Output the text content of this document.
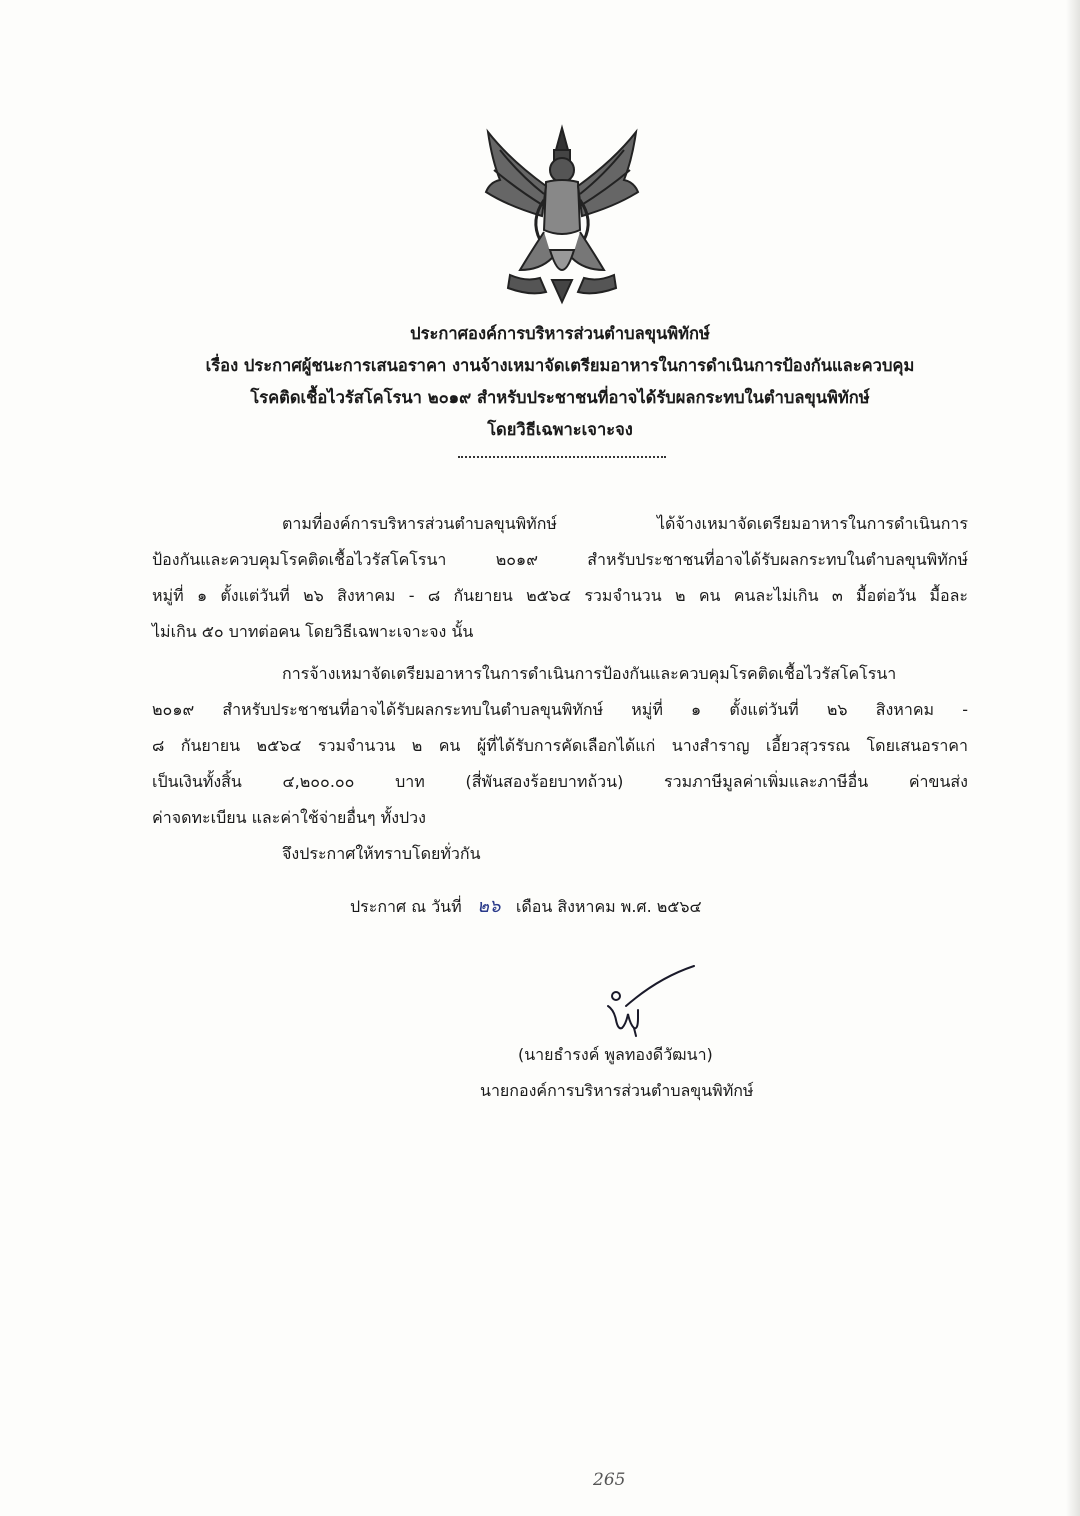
ประกาศองค์การบริหารส่วนตำบลขุนพิทักษ์
เรื่อง ประกาศผู้ชนะการเสนอราคา งานจ้างเหมาจัดเตรียมอาหารในการดำเนินการป้องกันและควบคุม
โรคติดเชื้อไวรัสโคโรนา ๒๐๑๙ สำหรับประชาชนที่อาจได้รับผลกระทบในตำบลขุนพิทักษ์
โดยวิธีเฉพาะเจาะจง
ตามที่องค์การบริหารส่วนตำบลขุนพิทักษ์ ได้จ้างเหมาจัดเตรียมอาหารในการดำเนินการ
ป้องกันและควบคุมโรคติดเชื้อไวรัสโคโรนา ๒๐๑๙ สำหรับประชาชนที่อาจได้รับผลกระทบในตำบลขุนพิทักษ์
หมู่ที่ ๑ ตั้งแต่วันที่ ๒๖ สิงหาคม - ๘ กันยายน ๒๕๖๔ รวมจำนวน ๒ คน คนละไม่เกิน ๓ มื้อต่อวัน มื้อละ
ไม่เกิน ๕๐ บาทต่อคน โดยวิธีเฉพาะเจาะจง นั้น
การจ้างเหมาจัดเตรียมอาหารในการดำเนินการป้องกันและควบคุมโรคติดเชื้อไวรัสโคโรนา
๒๐๑๙ สำหรับประชาชนที่อาจได้รับผลกระทบในตำบลขุนพิทักษ์ หมู่ที่ ๑ ตั้งแต่วันที่ ๒๖ สิงหาคม -
๘ กันยายน ๒๕๖๔ รวมจำนวน ๒ คน ผู้ที่ได้รับการคัดเลือกได้แก่ นางสำราญ เอี้ยวสุวรรณ โดยเสนอราคา
เป็นเงินทั้งสิ้น ๔,๒๐๐.๐๐ บาท (สี่พันสองร้อยบาทถ้วน) รวมภาษีมูลค่าเพิ่มและภาษีอื่น ค่าขนส่ง
ค่าจดทะเบียน และค่าใช้จ่ายอื่นๆ ทั้งปวง
จึงประกาศให้ทราบโดยทั่วกัน
ประกาศ ณ วันที่ ๒๖ เดือน สิงหาคม พ.ศ. ๒๕๖๔
(นายธำรงค์ พูลทองดีวัฒนา)
นายกองค์การบริหารส่วนตำบลขุนพิทักษ์
265
